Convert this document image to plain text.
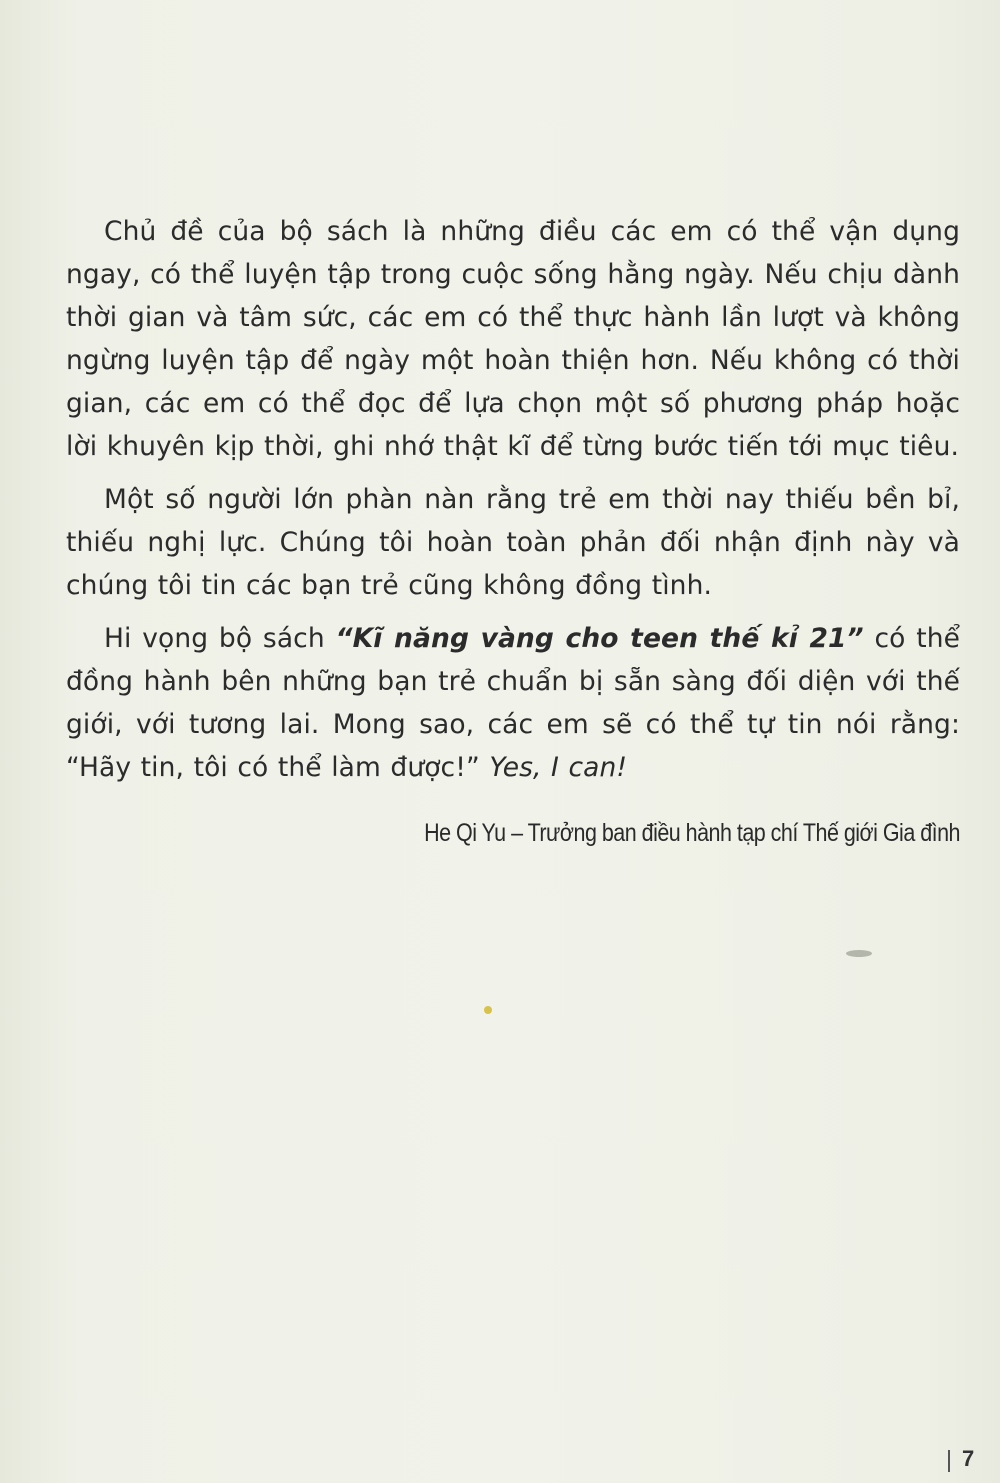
Chủ đề của bộ sách là những điều các em có thể vận dụng ngay, có thể luyện tập trong cuộc sống hằng ngày. Nếu chịu dành thời gian và tâm sức, các em có thể thực hành lần lượt và không ngừng luyện tập để ngày một hoàn thiện hơn. Nếu không có thời gian, các em có thể đọc để lựa chọn một số phương pháp hoặc lời khuyên kịp thời, ghi nhớ thật kĩ để từng bước tiến tới mục tiêu.

Một số người lớn phàn nàn rằng trẻ em thời nay thiếu bền bỉ, thiếu nghị lực. Chúng tôi hoàn toàn phản đối nhận định này và chúng tôi tin các bạn trẻ cũng không đồng tình.

Hi vọng bộ sách “Kĩ năng vàng cho teen thế kỉ 21” có thể đồng hành bên những bạn trẻ chuẩn bị sẵn sàng đối diện với thế giới, với tương lai. Mong sao, các em sẽ có thể tự tin nói rằng: “Hãy tin, tôi có thể làm được!” Yes, I can!

He Qi Yu – Trưởng ban điều hành tạp chí Thế giới Gia đình
7
